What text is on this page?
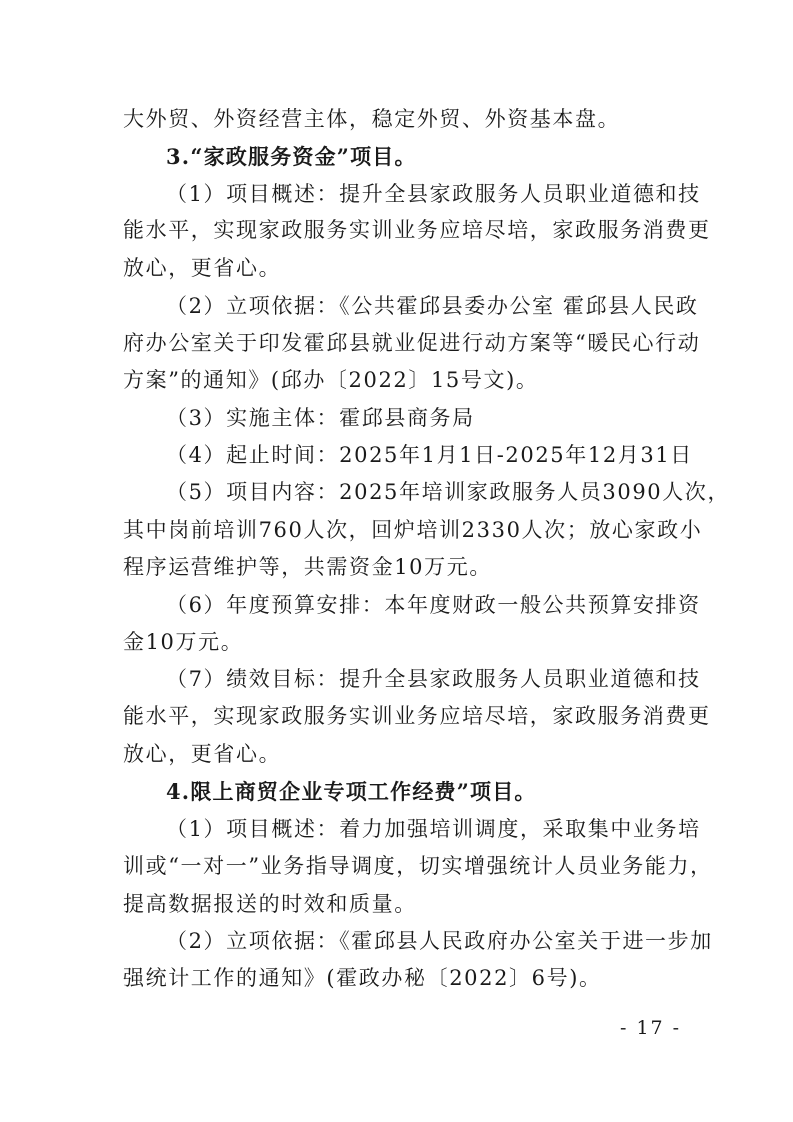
大外贸、外资经营主体，稳定外贸、外资基本盘。
3.“家政服务资金”项目。
（1）项目概述：提升全县家政服务人员职业道德和技
能水平，实现家政服务实训业务应培尽培，家政服务消费更
放心，更省心。
（2）立项依据：《公共霍邱县委办公室 霍邱县人民政
府办公室关于印发霍邱县就业促进行动方案等“暖民心行动
方案”的通知》(邱办〔2022〕15号文)。
（3）实施主体：霍邱县商务局
（4）起止时间：2025年1月1日-2025年12月31日
（5）项目内容：2025年培训家政服务人员3090人次，
其中岗前培训760人次，回炉培训2330人次；放心家政小
程序运营维护等，共需资金10万元。
（6）年度预算安排：本年度财政一般公共预算安排资
金10万元。
（7）绩效目标：提升全县家政服务人员职业道德和技
能水平，实现家政服务实训业务应培尽培，家政服务消费更
放心，更省心。
4.限上商贸企业专项工作经费”项目。
（1）项目概述：着力加强培训调度，采取集中业务培
训或“一对一”业务指导调度，切实增强统计人员业务能力，
提高数据报送的时效和质量。
（2）立项依据：《霍邱县人民政府办公室关于进一步加
强统计工作的通知》(霍政办秘〔2022〕6号)。
- 17 -
